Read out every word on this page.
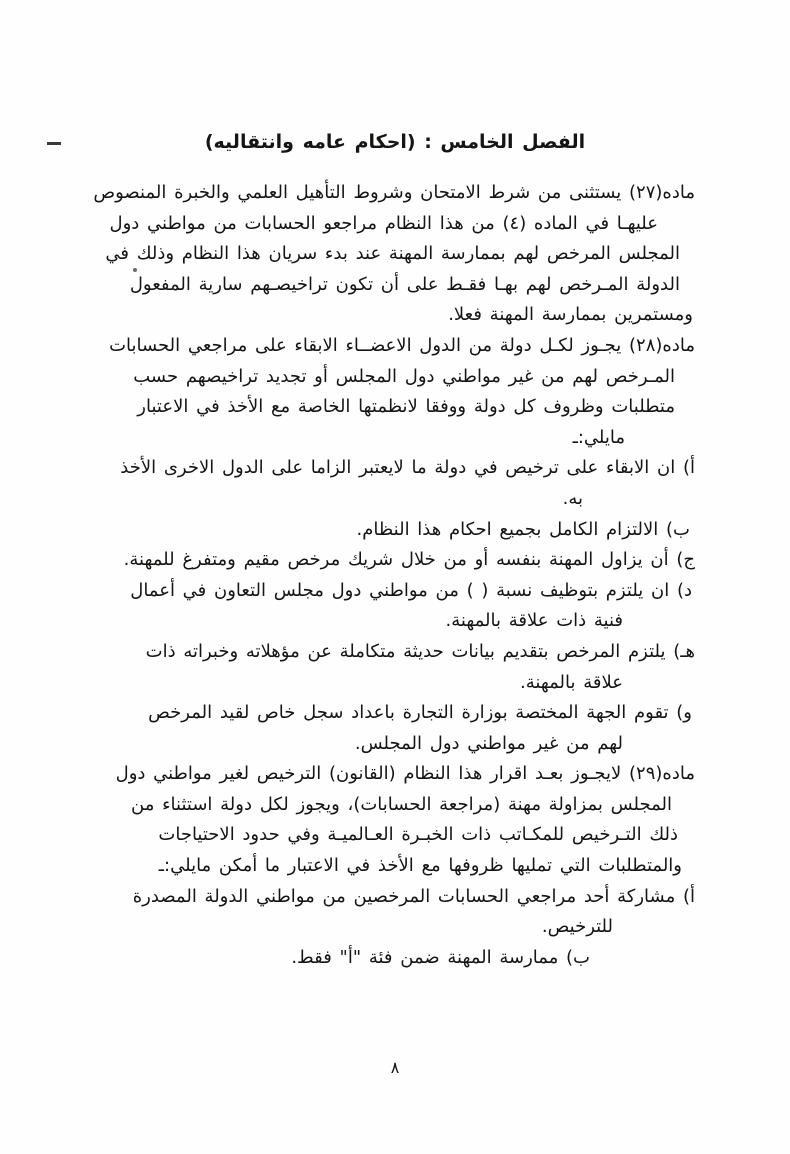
الفصل الخامس : (احكام عامه وانتقاليه)
ماده(٢٧) يستثنى من شرط الامتحان وشروط التأهيل العلمي والخبرة المنصوص
عليهـا في الماده (٤) من هذا النظام مراجعو الحسابات من مواطني دول
المجلس المرخص لهم بممارسة المهنة عند بدء سريان هذا النظام وذلك في
الدولة المـرخص لهم بهـا فقـط على أن تكون تراخيصـهم سارية المفعول
ومستمرين بممارسة المهنة فعلا.
ماده(٢٨) يجـوز لكـل دولة من الدول الاعضــاء الابقاء على مراجعي الحسابات
المـرخص لهم من غير مواطني دول المجلس أو تجديد تراخيصهم حسب
متطلبات وظروف كل دولة ووفقا لانظمتها الخاصة مع الأخذ في الاعتبار
مايلي:ـ
أ) ان الابقاء على ترخيص في دولة ما لايعتبر الزاما على الدول الاخرى الأخذ
به.
ب) الالتزام الكامل بجميع احكام هذا النظام.
ج) أن يزاول المهنة بنفسه أو من خلال شريك مرخص مقيم ومتفرغ للمهنة.
د) ان يلتزم بتوظيف نسبة ( ) من مواطني دول مجلس التعاون في أعمال
فنية ذات علاقة بالمهنة.
هـ) يلتزم المرخص بتقديم بيانات حديثة متكاملة عن مؤهلاته وخبراته ذات
علاقة بالمهنة.
و) تقوم الجهة المختصة بوزارة التجارة باعداد سجل خاص لقيد المرخص
لهم من غير مواطني دول المجلس.
ماده(٢٩) لايجـوز بعـد اقرار هذا النظام (القانون) الترخيص لغير مواطني دول
المجلس بمزاولة مهنة (مراجعة الحسابات)، ويجوز لكل دولة استثناء من
ذلك التـرخيص للمكـاتب ذات الخبـرة العـالميـة وفي حدود الاحتياجات
والمتطلبات التي تمليها ظروفها مع الأخذ في الاعتبار ما أمكن مايلي:ـ
أ) مشاركة أحد مراجعي الحسابات المرخصين من مواطني الدولة المصدرة
للترخيص.
ب) ممارسة المهنة ضمن فئة "أ" فقط.
٨
